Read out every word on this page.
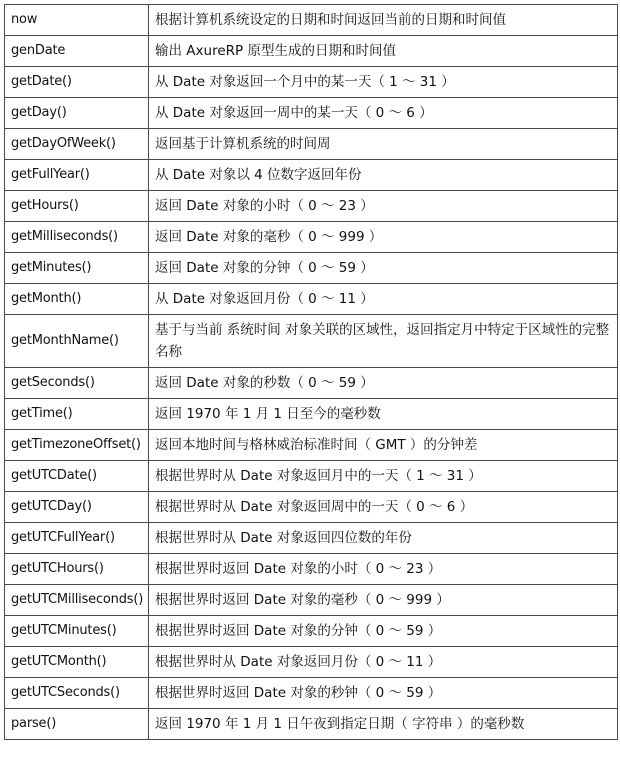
now	根据计算机系统设定的日期和时间返回当前的日期和时间值
genDate	输出 AxureRP 原型生成的日期和时间值
getDate()	从 Date 对象返回一个月中的某一天（ 1 ～ 31 ）
getDay()	从 Date 对象返回一周中的某一天（ 0 ～ 6 ）
getDayOfWeek()	返回基于计算机系统的时间周
getFullYear()	从 Date 对象以 4 位数字返回年份
getHours()	返回 Date 对象的小时（ 0 ～ 23 ）
getMilliseconds()	返回 Date 对象的毫秒（ 0 ～ 999 ）
getMinutes()	返回 Date 对象的分钟（ 0 ～ 59 ）
getMonth()	从 Date 对象返回月份（ 0 ～ 11 ）
getMonthName()	基于与当前 系统时间 对象关联的区域性，返回指定月中特定于区域性的完整名称
getSeconds()	返回 Date 对象的秒数（ 0 ～ 59 ）
getTime()	返回 1970 年 1 月 1 日至今的毫秒数
getTimezoneOffset()	返回本地时间与格林威治标准时间（ GMT ）的分钟差
getUTCDate()	根据世界时从 Date 对象返回月中的一天（ 1 ～ 31 ）
getUTCDay()	根据世界时从 Date 对象返回周中的一天（ 0 ～ 6 ）
getUTCFullYear()	根据世界时从 Date 对象返回四位数的年份
getUTCHours()	根据世界时返回 Date 对象的小时（ 0 ～ 23 ）
getUTCMilliseconds()	根据世界时返回 Date 对象的毫秒（ 0 ～ 999 ）
getUTCMinutes()	根据世界时返回 Date 对象的分钟（ 0 ～ 59 ）
getUTCMonth()	根据世界时从 Date 对象返回月份（ 0 ～ 11 ）
getUTCSeconds()	根据世界时返回 Date 对象的秒钟（ 0 ～ 59 ）
parse()	返回 1970 年 1 月 1 日午夜到指定日期（ 字符串 ）的毫秒数
